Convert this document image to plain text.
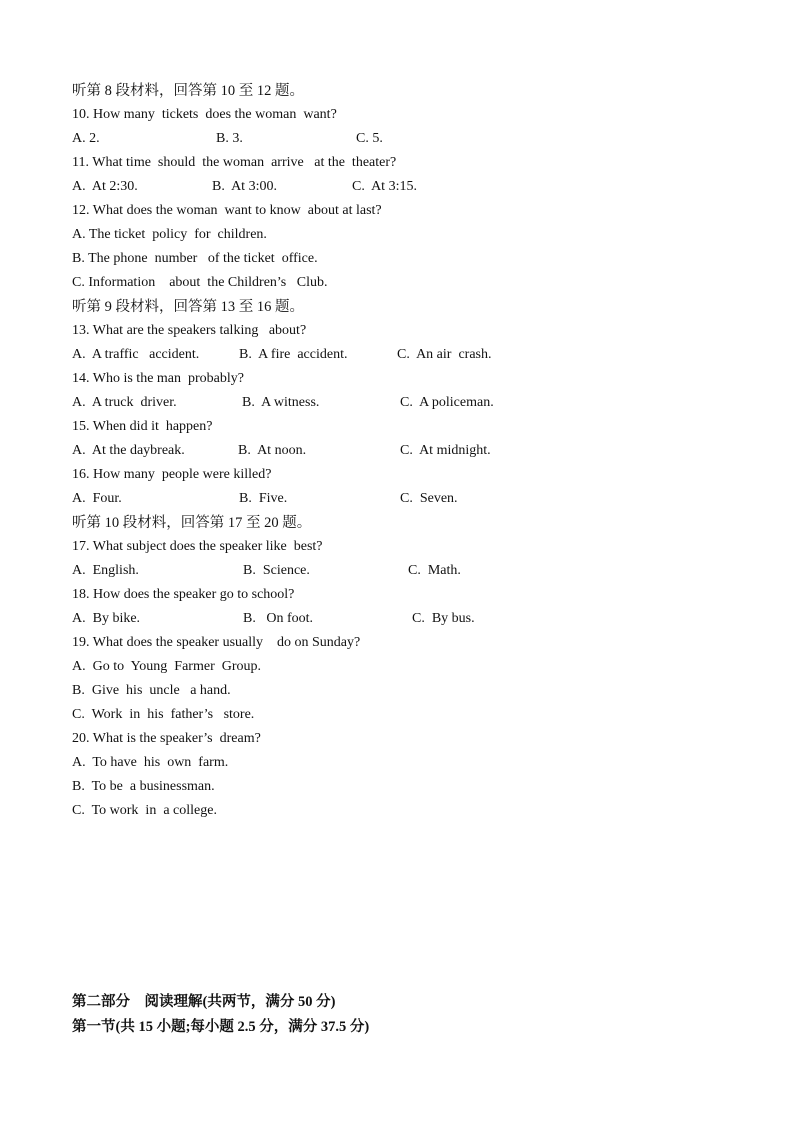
听第 8 段材料，回答第 10 至 12 题。
10. How many  tickets  does the woman  want?
A. 2.	B. 3.	C. 5.
11. What time  should  the woman  arrive   at the  theater?
A.  At 2:30.	B.  At 3:00.	C.  At 3:15.
12. What does the woman  want to know  about at last?
A. The ticket  policy  for  children.
B. The phone  number   of the ticket  office.
C. Information    about  the Children’s   Club.
听第 9 段材料，回答第 13 至 16 题。
13. What are the speakers talking   about?
A.  A traffic   accident.	B.  A fire  accident.	C.  An air  crash.
14. Who is the man  probably?
A.  A truck  driver.	B.  A witness.	C.  A policeman.
15. When did it  happen?
A.  At the daybreak.	B.  At noon.	C.  At midnight.
16. How many  people were killed?
A.  Four.	B.  Five.	C.  Seven.
听第 10 段材料，回答第 17 至 20 题。
17. What subject does the speaker like  best?
A.  English.	B.  Science.	C.  Math.
18. How does the speaker go to school?
A.  By bike.	B.   On foot.	C.  By bus.
19. What does the speaker usually    do on Sunday?
A.  Go to  Young  Farmer  Group.
B.  Give  his  uncle   a hand.
C.  Work  in  his  father’s   store.
20. What is the speaker’s  dream?
A.  To have  his  own  farm.
B.  To be  a businessman.
C.  To work  in  a college.
第二部分    阅读理解(共两节，满分 50 分)
第一节(共 15 小题;每小题 2.5 分，满分 37.5 分)
